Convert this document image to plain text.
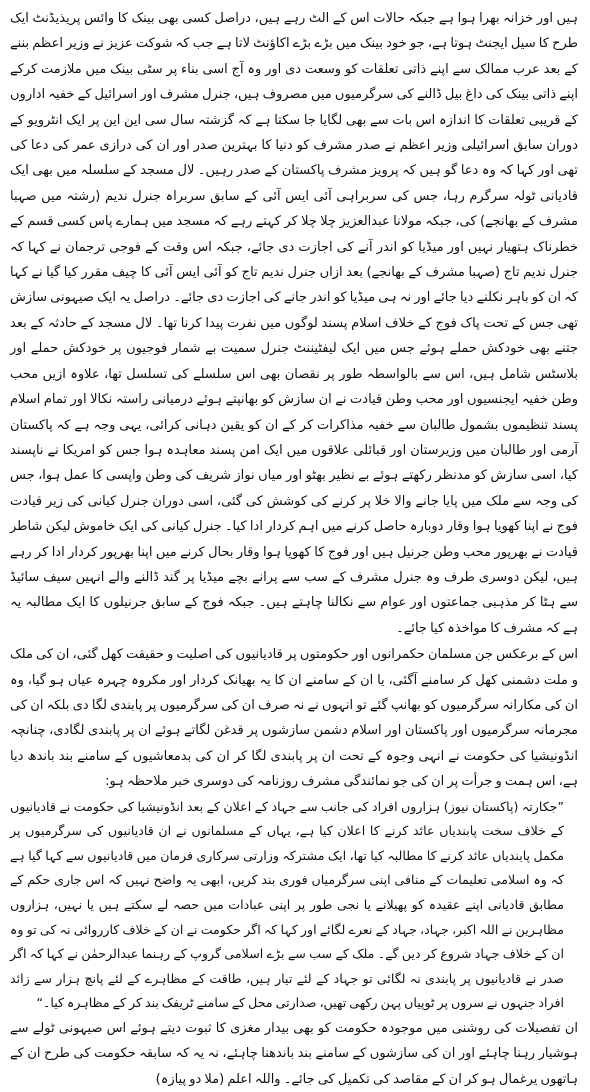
ہیں اور خزانہ بھرا ہوا ہے جبکہ حالات اس کے الٹ رہے ہیں، دراصل کسی بھی بینک کا وائس پریذیڈنٹ ایک طرح کا سیل ایجنٹ ہوتا ہے، جو خود بینک میں بڑے بڑے اکاؤنٹ لاتا ہے جب کہ شوکت عزیز نے وزیر اعظم بننے کے بعد عرب ممالک سے اپنے ذاتی تعلقات کو وسعت دی اور وہ آج اسی بناء پر سٹی بینک میں ملازمت کرکے اپنے ذاتی بینک کی داغ بیل ڈالنے کی سرگرمیوں میں مصروف ہیں، جنرل مشرف اور اسرائیل کے خفیہ اداروں کے قریبی تعلقات کا اندازہ اس بات سے بھی لگایا جا سکتا ہے کہ گزشتہ سال سی این این پر ایک انٹرویو کے دوران سابق اسرائیلی وزیر اعظم نے صدر مشرف کو دنیا کا بہترین صدر اور ان کی درازی عمر کی دعا کی تھی اور کہا کہ وہ دعا گو ہیں کہ پرویز مشرف پاکستان کے صدر رہیں۔ لال مسجد کے سلسلہ میں بھی ایک قادیانی ٹولہ سرگرم رہا، جس کی سربراہی آئی ایس آئی کے سابق سربراہ جنرل ندیم (رشتہ میں صہبا مشرف کے بھانجے) کی، جبکہ مولانا عبدالعزیز چلا چلا کر کہتے رہے کہ مسجد میں ہمارے پاس کسی قسم کے خطرناک ہتھیار نہیں اور میڈیا کو اندر آنے کی اجازت دی جائے، جبکہ اس وقت کے فوجی ترجمان نے کہا کہ جنرل ندیم تاج (صہبا مشرف کے بھانجے) بعد ازاں جنرل ندیم تاج کو آئی ایس آئی کا چیف مقرر کیا گیا نے کہا کہ ان کو باہر نکلنے دیا جائے اور نہ ہی میڈیا کو اندر جانے کی اجازت دی جائے۔ دراصل یہ ایک صیہونی سازش تھی جس کے تحت پاک فوج کے خلاف اسلام پسند لوگوں میں نفرت پیدا کرنا تھا۔ لال مسجد کے حادثہ کے بعد جتنے بھی خودکش حملے ہوئے جس میں ایک لیفٹیننٹ جنرل سمیت بے شمار فوجیوں پر خودکش حملے اور بلاسٹس شامل ہیں، اس سے بالواسطہ طور پر نقصان بھی اس سلسلے کی تسلسل تھا، علاوہ ازیں محب وطن خفیہ ایجنسیوں اور محب وطن قیادت نے ان سازش کو بھانپتے ہوئے درمیانی راستہ نکالا اور تمام اسلام پسند تنظیموں بشمول طالبان سے خفیہ مذاکرات کر کے ان کو یقین دہانی کرائی، یہی وجہ ہے کہ پاکستان آرمی اور طالبان میں وزیرستان اور قبائلی علاقوں میں ایک امن پسند معاہدہ ہوا جس کو امریکا نے ناپسند کیا، اسی سازش کو مدنظر رکھتے ہوئے بے نظیر بھٹو اور میاں نواز شریف کی وطن واپسی کا عمل ہوا، جس کی وجہ سے ملک میں پایا جانے والا خلا پر کرنے کی کوشش کی گئی، اسی دوران جنرل کیانی کی زیر قیادت فوج نے اپنا کھویا ہوا وقار دوبارہ حاصل کرنے میں اہم کردار ادا کیا۔ جنرل کیانی کی ایک خاموش لیکن شاطر قیادت نے بھرپور محب وطن جرنیل ہیں اور فوج کا کھویا ہوا وقار بحال کرنے میں اپنا بھرپور کردار ادا کر رہے ہیں، لیکن دوسری طرف وہ جنرل مشرف کے سب سے پرانے بچے میڈیا پر گند ڈالنے والے انہیں سیف سائیڈ سے ہٹا کر مذہبی جماعتوں اور عوام سے نکالنا چاہتے ہیں۔ جبکہ فوج کے سابق جرنیلوں کا ایک مطالبہ یہ ہے کہ مشرف کا مواخذہ کیا جائے۔

اس کے برعکس جن مسلمان حکمرانوں اور حکومتوں پر قادیانیوں کی اصلیت و حقیقت کھل گئی، ان کی ملک و ملت دشمنی کھل کر سامنے آگئی، یا ان کے سامنے ان کا یہ بھیانک کردار اور مکروہ چہرہ عیاں ہو گیا، وہ ان کی مکارانہ سرگرمیوں کو بھانپ گئے تو انہوں نے نہ صرف ان کی سرگرمیوں پر پابندی لگا دی بلکہ ان کی مجرمانہ سرگرمیوں اور پاکستان اور اسلام دشمن سازشوں پر قدغن لگاتے ہوئے ان پر پابندی لگادی، چنانچہ انڈونیشیا کی حکومت نے انہی وجوہ کے تحت ان پر پابندی لگا کر ان کی بدمعاشیوں کے سامنے بند باندھ دیا ہے، اس ہمت و جرأت پر ان کی جو نمائندگی مشرف روزنامہ کی دوسری خبر ملاحظہ ہو:

”جکارتہ (پاکستان نیوز) ہزاروں افراد کی جانب سے جہاد کے اعلان کے بعد انڈونیشیا کی حکومت نے قادیانیوں کے خلاف سخت پابندیاں عائد کرنے کا اعلان کیا ہے، یہاں کے مسلمانوں نے ان قادیانیوں کی سرگرمیوں پر مکمل پابندیاں عائد کرنے کا مطالبہ کیا تھا، ایک مشترکہ وزارتی سرکاری فرمان میں قادیانیوں سے کہا گیا ہے کہ وہ اسلامی تعلیمات کے منافی اپنی سرگرمیاں فوری بند کریں، ابھی یہ واضح نہیں کہ اس جاری حکم کے مطابق قادیانی اپنے عقیدہ کو پھیلانے یا نجی طور پر اپنی عبادات میں حصہ لے سکتے ہیں یا نہیں، ہزاروں مظاہرین نے اللہ اکبر، جہاد، جہاد کے نعرے لگائے اور کہا کہ اگر حکومت نے ان کے خلاف کارروائی نہ کی تو وہ ان کے خلاف جہاد شروع کر دیں گے۔ ملک کے سب سے بڑے اسلامی گروپ کے رہنما عبدالرحمٰن نے کہا کہ اگر صدر نے قادیانیوں پر پابندی نہ لگائی تو جہاد کے لئے تیار ہیں، طاقت کے مظاہرے کے لئے پانچ ہزار سے زائد افراد جنہوں نے سروں پر ٹوپیاں پہن رکھی تھیں، صدارتی محل کے سامنے ٹریفک بند کر کے مظاہرہ کیا۔“

ان تفصیلات کی روشنی میں موجودہ حکومت کو بھی بیدار مغزی کا ثبوت دیتے ہوئے اس صیہونی ٹولے سے ہوشیار رہنا چاہئے اور ان کی سازشوں کے سامنے بند باندھنا چاہئے، نہ یہ کہ سابقہ حکومت کی طرح ان کے ہاتھوں یرغمال ہو کر ان کے مقاصد کی تکمیل کی جائے۔ واللہ اعلم (ملا دو پیازہ)
